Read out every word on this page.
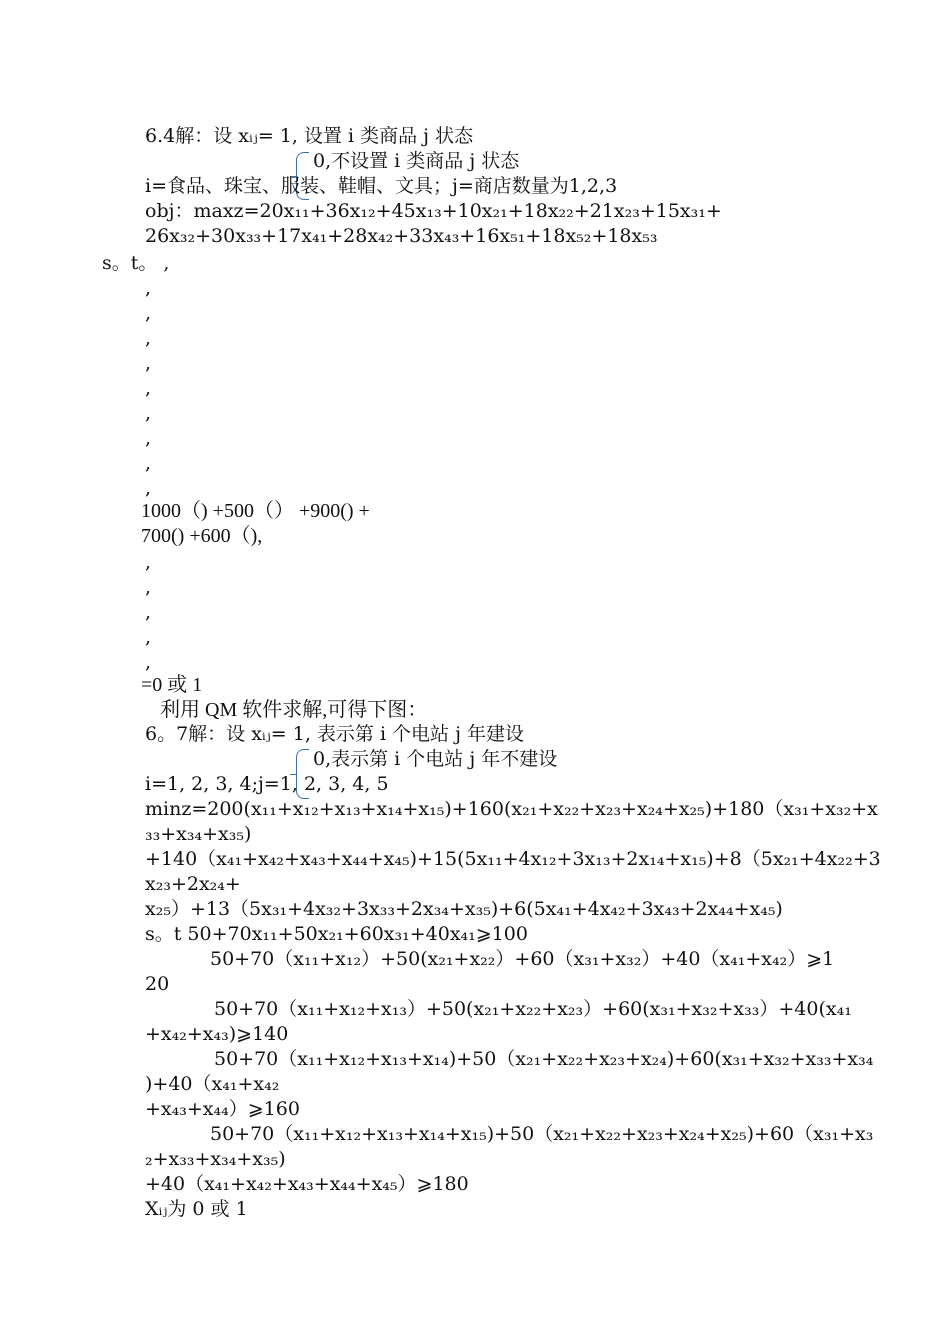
6.4解：设 xᵢⱼ= 1, 设置 i 类商品 j 状态
0,不设置 i 类商品 j 状态
i=食品、珠宝、服装、鞋帽、文具；j=商店数量为1,2,3
obj：maxz=20x₁₁+36x₁₂+45x₁₃+10x₂₁+18x₂₂+21x₂₃+15x₃₁+
26x₃₂+30x₃₃+17x₄₁+28x₄₂+33x₄₃+16x₅₁+18x₅₂+18x₅₃
s。t。 ,
,
,
,
,
,
,
,
,
,
1000（) +500（） +900() +
700() +600（),
,
,
,
,
,
=0 或 1
利用 QM 软件求解,可得下图：
6。7解：设 xᵢⱼ= 1, 表示第 i 个电站 j 年建设
0,表示第 i 个电站 j 年不建设
i=1, 2, 3, 4;j=1, 2, 3, 4, 5
minz=200(x₁₁+x₁₂+x₁₃+x₁₄+x₁₅)+160(x₂₁+x₂₂+x₂₃+x₂₄+x₂₅)+180（x₃₁+x₃₂+x
₃₃+x₃₄+x₃₅)
+140（x₄₁+x₄₂+x₄₃+x₄₄+x₄₅)+15(5x₁₁+4x₁₂+3x₁₃+2x₁₄+x₁₅)+8（5x₂₁+4x₂₂+3
x₂₃+2x₂₄+
x₂₅）+13（5x₃₁+4x₃₂+3x₃₃+2x₃₄+x₃₅)+6(5x₄₁+4x₄₂+3x₄₃+2x₄₄+x₄₅)
s。t 50+70x₁₁+50x₂₁+60x₃₁+40x₄₁⩾100
50+70（x₁₁+x₁₂）+50(x₂₁+x₂₂）+60（x₃₁+x₃₂）+40（x₄₁+x₄₂）⩾1
20
50+70（x₁₁+x₁₂+x₁₃）+50(x₂₁+x₂₂+x₂₃）+60(x₃₁+x₃₂+x₃₃）+40(x₄₁
+x₄₂+x₄₃)⩾140
50+70（x₁₁+x₁₂+x₁₃+x₁₄)+50（x₂₁+x₂₂+x₂₃+x₂₄)+60(x₃₁+x₃₂+x₃₃+x₃₄
)+40（x₄₁+x₄₂
+x₄₃+x₄₄）⩾160
50+70（x₁₁+x₁₂+x₁₃+x₁₄+x₁₅)+50（x₂₁+x₂₂+x₂₃+x₂₄+x₂₅)+60（x₃₁+x₃
₂+x₃₃+x₃₄+x₃₅)
+40（x₄₁+x₄₂+x₄₃+x₄₄+x₄₅）⩾180
Xᵢⱼ为 0 或 1
